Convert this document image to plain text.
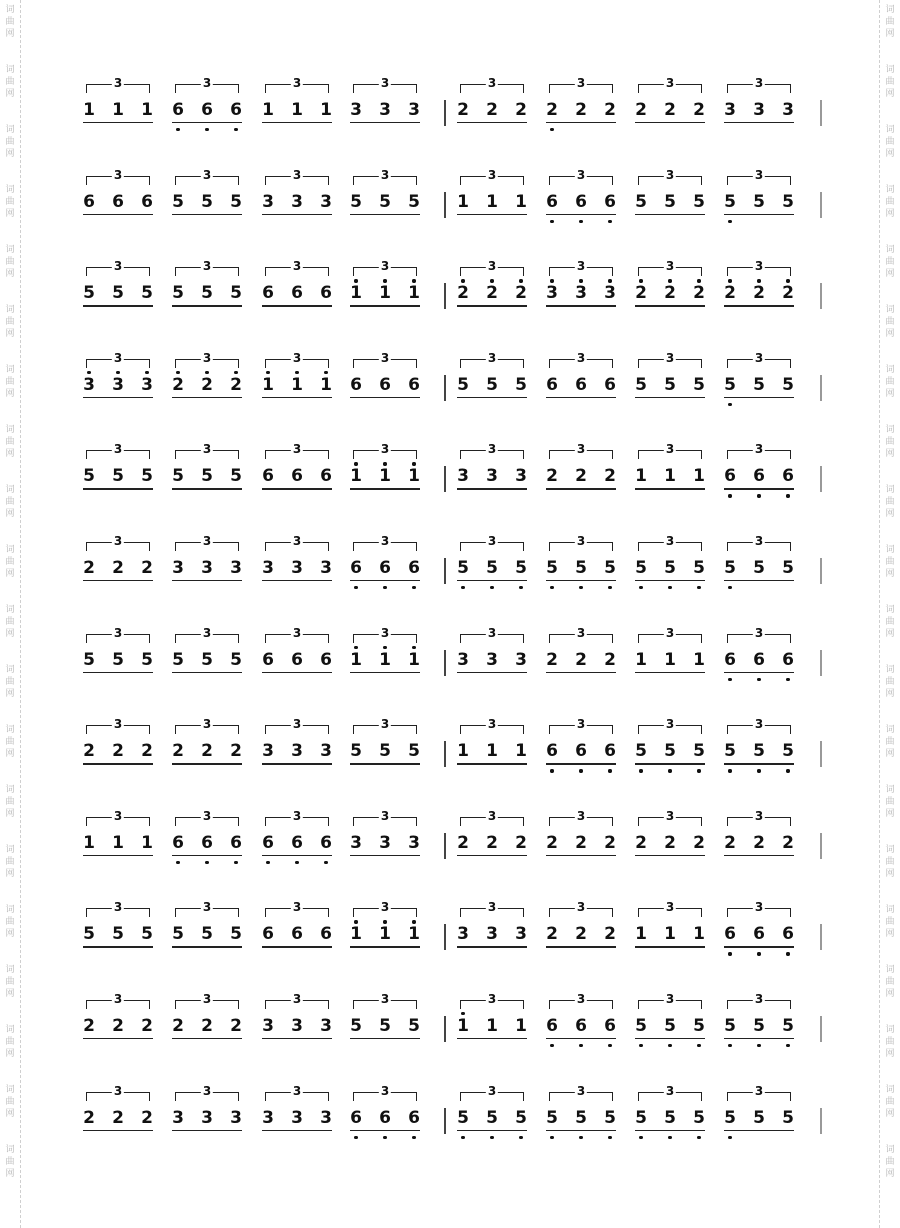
词
曲
网
词
曲
网
词
曲
网
词
曲
网
词
曲
网
词
曲
网
词
曲
网
词
曲
网
词
曲
网
词
曲
网
词
曲
网
词
曲
网
词
曲
网
词
曲
网
词
曲
网
词
曲
网
词
曲
网
词
曲
网
词
曲
网
词
曲
网
词
曲
网
词
曲
网
词
曲
网
词
曲
网
词
曲
网
词
曲
网
词
曲
网
词
曲
网
词
曲
网
词
曲
网
词
曲
网
词
曲
网
词
曲
网
词
曲
网
词
曲
网
词
曲
网
词
曲
网
词
曲
网
词
曲
网
词
曲
网
3
1 1 1
3
6 6 6
3
1 1 1
3
3 3 3
3
2 2 2
3
2 2 2
3
2 2 2
3
3 3 3
3
6 6 6
3
5 5 5
3
3 3 3
3
5 5 5
3
1 1 1
3
6 6 6
3
5 5 5
3
5 5 5
3
5 5 5
3
5 5 5
3
6 6 6
3
1 1 1
3
2 2 2
3
3 3 3
3
2 2 2
3
2 2 2
3
3 3 3
3
2 2 2
3
1 1 1
3
6 6 6
3
5 5 5
3
6 6 6
3
5 5 5
3
5 5 5
3
5 5 5
3
5 5 5
3
6 6 6
3
1 1 1
3
3 3 3
3
2 2 2
3
1 1 1
3
6 6 6
3
2 2 2
3
3 3 3
3
3 3 3
3
6 6 6
3
5 5 5
3
5 5 5
3
5 5 5
3
5 5 5
3
5 5 5
3
5 5 5
3
6 6 6
3
1 1 1
3
3 3 3
3
2 2 2
3
1 1 1
3
6 6 6
3
2 2 2
3
2 2 2
3
3 3 3
3
5 5 5
3
1 1 1
3
6 6 6
3
5 5 5
3
5 5 5
3
1 1 1
3
6 6 6
3
6 6 6
3
3 3 3
3
2 2 2
3
2 2 2
3
2 2 2
3
2 2 2
3
5 5 5
3
5 5 5
3
6 6 6
3
1 1 1
3
3 3 3
3
2 2 2
3
1 1 1
3
6 6 6
3
2 2 2
3
2 2 2
3
3 3 3
3
5 5 5
3
1 1 1
3
6 6 6
3
5 5 5
3
5 5 5
3
2 2 2
3
3 3 3
3
3 3 3
3
6 6 6
3
5 5 5
3
5 5 5
3
5 5 5
3
5 5 5
